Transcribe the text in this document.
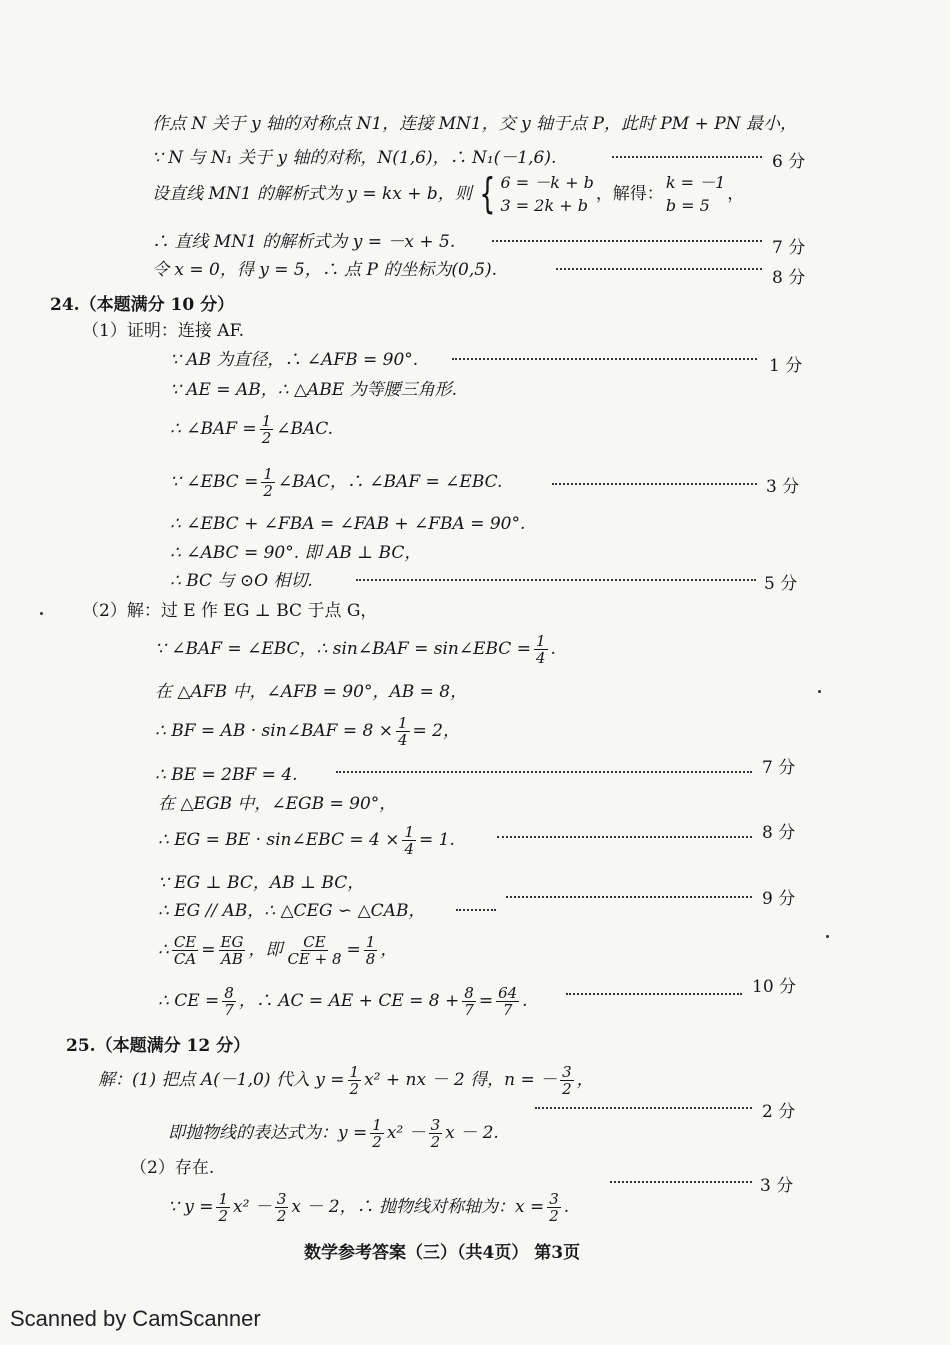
作点 N 关于 y 轴的对称点 N1，连接 MN1，交 y 轴于点 P，此时 PM + PN 最小，
∵ N 与 N₁ 关于 y 轴的对称，N(1,6)，∴ N₁(－1,6).	6 分
设直线 MN1 的解析式为 y = kx + b，则 { 6 = －k + b
3 = 2k + b
，解得：
k = －1
b = 5
，
∴ 直线 MN1 的解析式为 y = －x + 5.	7 分
令 x = 0，得 y = 5，∴ 点 P 的坐标为(0,5).	8 分
24.（本题满分 10 分）
（1）证明：连接 AF.
∵ AB 为直径，∴ ∠AFB = 90°.	1 分
∵ AE = AB，∴ △ABE 为等腰三角形.
∴ ∠BAF = $\frac{1}{2}$ ∠BAC.
∵ ∠EBC = $\frac{1}{2}$ ∠BAC，∴ ∠BAF = ∠EBC.	3 分
∴ ∠EBC + ∠FBA = ∠FAB + ∠FBA = 90°.
∴ ∠ABC = 90°. 即 AB ⊥ BC，
∴ BC 与 ⊙O 相切.	5 分
（2）解：过 E 作 EG ⊥ BC 于点 G，
∵ ∠BAF = ∠EBC，∴ sin∠BAF = sin∠EBC = $\frac{1}{4}$ .
在 △AFB 中，∠AFB = 90°，AB = 8，
∴ BF = AB · sin∠BAF = $8 \times \frac{1}{4} = 2$，
∴ BE = 2BF = 4.	7 分
在 △EGB 中，∠EGB = 90°，
∴ EG = BE · sin∠EBC = $4 \times \frac{1}{4} = 1$.	8 分
∵ EG ⊥ BC，AB ⊥ BC，
9 分
∴ EG // AB，∴ △CEG ∽ △CAB，
∴ $\frac{CE}{CA} = \frac{EG}{AB}$ ，即 $\frac{CE}{CE + 8} = \frac{1}{8}$ ，
∴ CE = $\frac{8}{7}$ ，∴ AC = AE + CE = $8 + \frac{8}{7} = \frac{64}{7}$ .
10 分
25.（本题满分 12 分）
解：(1) 把点 A(－1,0) 代入 $y = \frac{1}{2} x^2$ + nx － 2 得，n = － $\frac{3}{2}$ ，
2 分
即抛物线的表达式为：$y = \frac{1}{2} x^2 - \frac{3}{2}$ x － 2.
（2）存在.
3 分
∵ $y = \frac{1}{2} x^2 - \frac{3}{2}$ x － 2，∴ 抛物线对称轴为：$x = \frac{3}{2}$ .
数学参考答案（三）（共4页） 第3页
Scanned by CamScanner
